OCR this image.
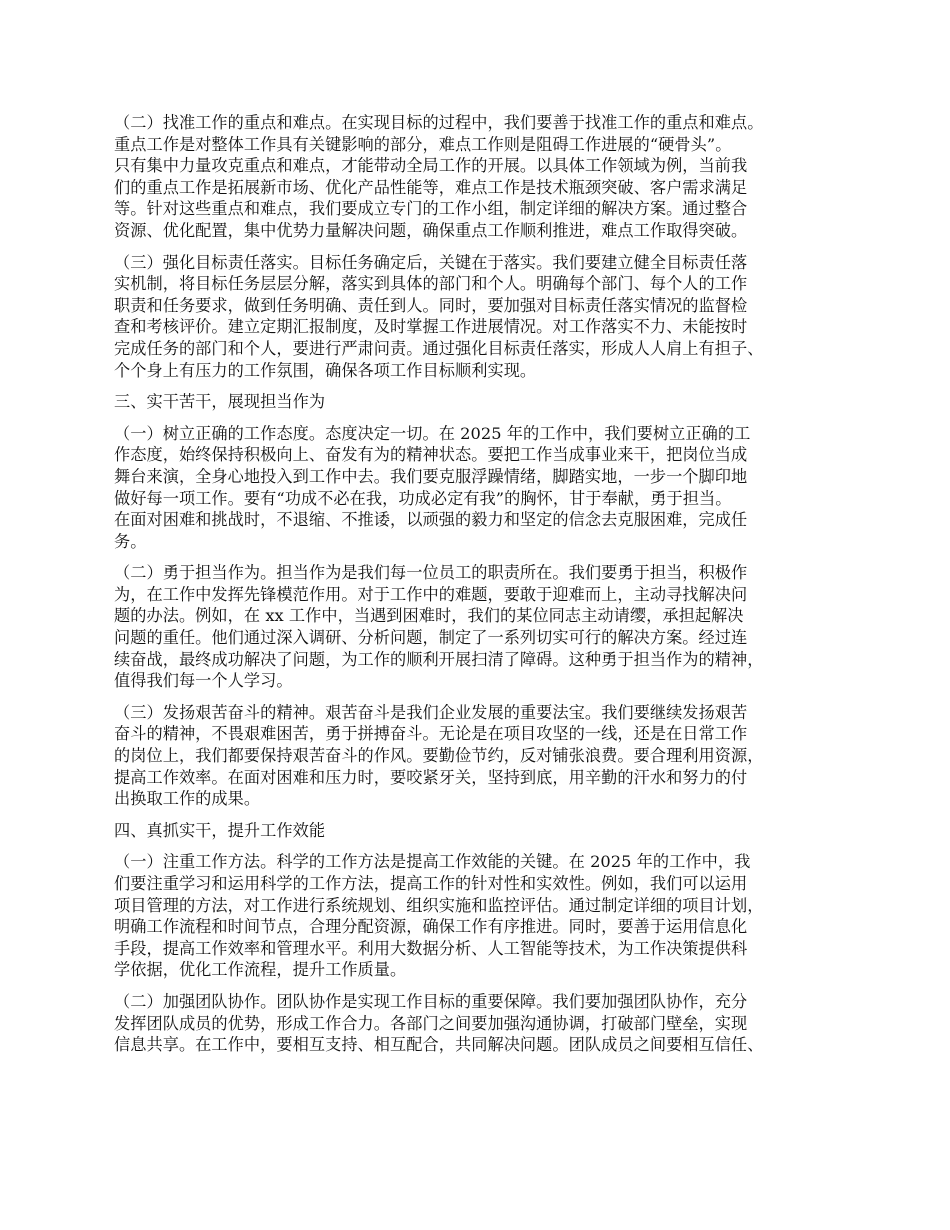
（二）找准工作的重点和难点。在实现目标的过程中，我们要善于找准工作的重点和难点。
重点工作是对整体工作具有关键影响的部分，难点工作则是阻碍工作进展的“硬骨头”。
只有集中力量攻克重点和难点，才能带动全局工作的开展。以具体工作领域为例，当前我
们的重点工作是拓展新市场、优化产品性能等，难点工作是技术瓶颈突破、客户需求满足
等。针对这些重点和难点，我们要成立专门的工作小组，制定详细的解决方案。通过整合
资源、优化配置，集中优势力量解决问题，确保重点工作顺利推进，难点工作取得突破。
（三）强化目标责任落实。目标任务确定后，关键在于落实。我们要建立健全目标责任落
实机制，将目标任务层层分解，落实到具体的部门和个人。明确每个部门、每个人的工作
职责和任务要求，做到任务明确、责任到人。同时，要加强对目标责任落实情况的监督检
查和考核评价。建立定期汇报制度，及时掌握工作进展情况。对工作落实不力、未能按时
完成任务的部门和个人，要进行严肃问责。通过强化目标责任落实，形成人人肩上有担子、
个个身上有压力的工作氛围，确保各项工作目标顺利实现。
三、实干苦干，展现担当作为
（一）树立正确的工作态度。态度决定一切。在 2025 年的工作中，我们要树立正确的工
作态度，始终保持积极向上、奋发有为的精神状态。要把工作当成事业来干，把岗位当成
舞台来演，全身心地投入到工作中去。我们要克服浮躁情绪，脚踏实地，一步一个脚印地
做好每一项工作。要有“功成不必在我，功成必定有我”的胸怀，甘于奉献，勇于担当。
在面对困难和挑战时，不退缩、不推诿，以顽强的毅力和坚定的信念去克服困难，完成任
务。
（二）勇于担当作为。担当作为是我们每一位员工的职责所在。我们要勇于担当，积极作
为，在工作中发挥先锋模范作用。对于工作中的难题，要敢于迎难而上，主动寻找解决问
题的办法。例如，在 xx 工作中，当遇到困难时，我们的某位同志主动请缨，承担起解决
问题的重任。他们通过深入调研、分析问题，制定了一系列切实可行的解决方案。经过连
续奋战，最终成功解决了问题，为工作的顺利开展扫清了障碍。这种勇于担当作为的精神，
值得我们每一个人学习。
（三）发扬艰苦奋斗的精神。艰苦奋斗是我们企业发展的重要法宝。我们要继续发扬艰苦
奋斗的精神，不畏艰难困苦，勇于拼搏奋斗。无论是在项目攻坚的一线，还是在日常工作
的岗位上，我们都要保持艰苦奋斗的作风。要勤俭节约，反对铺张浪费。要合理利用资源，
提高工作效率。在面对困难和压力时，要咬紧牙关，坚持到底，用辛勤的汗水和努力的付
出换取工作的成果。
四、真抓实干，提升工作效能
（一）注重工作方法。科学的工作方法是提高工作效能的关键。在 2025 年的工作中，我
们要注重学习和运用科学的工作方法，提高工作的针对性和实效性。例如，我们可以运用
项目管理的方法，对工作进行系统规划、组织实施和监控评估。通过制定详细的项目计划，
明确工作流程和时间节点，合理分配资源，确保工作有序推进。同时，要善于运用信息化
手段，提高工作效率和管理水平。利用大数据分析、人工智能等技术，为工作决策提供科
学依据，优化工作流程，提升工作质量。
（二）加强团队协作。团队协作是实现工作目标的重要保障。我们要加强团队协作，充分
发挥团队成员的优势，形成工作合力。各部门之间要加强沟通协调，打破部门壁垒，实现
信息共享。在工作中，要相互支持、相互配合，共同解决问题。团队成员之间要相互信任、
